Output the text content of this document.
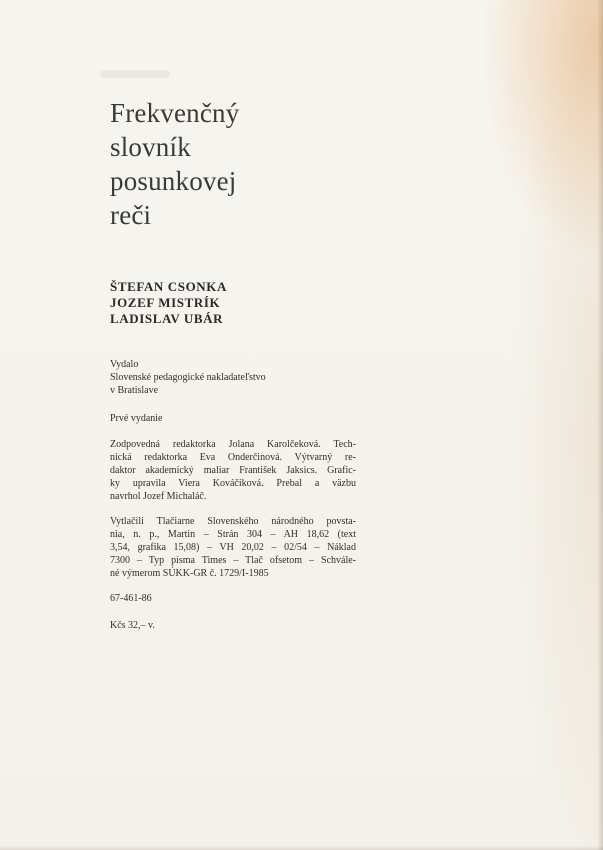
Frekvenčný
slovník
posunkovej
reči
ŠTEFAN CSONKA
JOZEF MISTRÍK
LADISLAV UBÁR
Vydalo
Slovenské pedagogické nakladateľstvo
v Bratislave
Prvé vydanie
Zodpovedná redaktorka Jolana Karolčeková. Tech-
nická redaktorka Eva Onderčinová. Výtvarný re-
daktor akademický maliar František Jaksics. Grafic-
ky upravila Viera Kováčiková. Prebal a väzbu
navrhol Jozef Michaláč.
Vytlačili Tlačiarne Slovenského národného povsta-
nia, n. p., Martin – Strán 304 – AH 18,62 (text
3,54, grafika 15,08) – VH 20,02 – 02/54 – Náklad
7300 – Typ písma Times – Tlač ofsetom – Schvále-
né výmerom SÚKK-GR č. 1729/I-1985
67-461-86
Kčs 32,– v.
